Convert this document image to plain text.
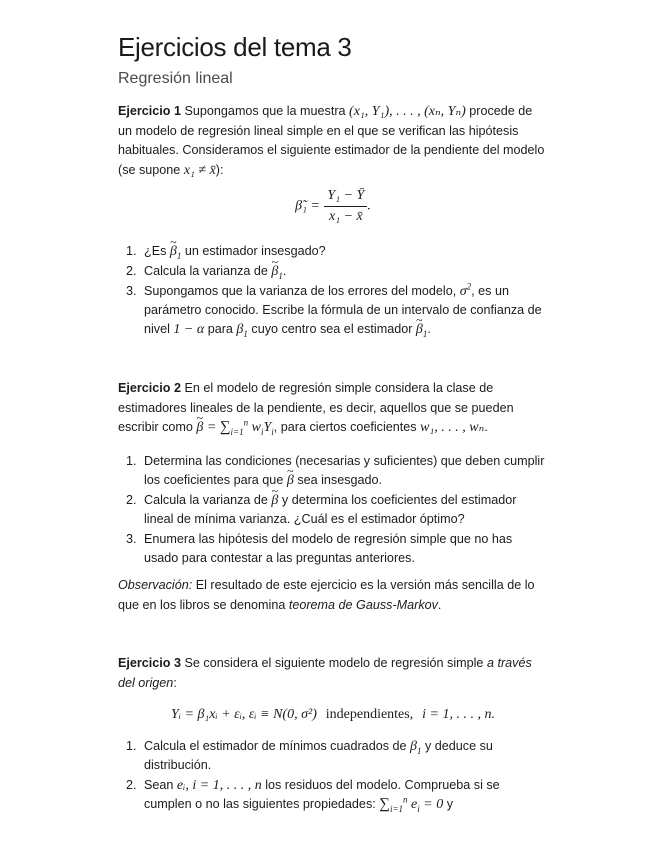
Ejercicios del tema 3
Regresión lineal
Ejercicio 1 Supongamos que la muestra (x₁, Y₁), . . . , (xₙ, Yₙ) procede de un modelo de regresión lineal simple en el que se verifican las hipótesis habituales. Consideramos el siguiente estimador de la pendiente del modelo (se supone x₁ ≠ x̄):
β̃₁ = $\frac{\text{Y₁ − Ȳ}}{\text{x₁ − x̄}}$ .
1. ¿Es ~ $\beta_1$ un estimador insesgado?
2. Calcula la varianza de ~ $\beta_1$.
3. Supongamos que la varianza de los errores del modelo, $\sigma^2$, es un parámetro conocido. Escribe la fórmula de un intervalo de confianza de nivel 1 − α para $\beta_1$ cuyo centro sea el estimador ~ $\beta_1$.
Ejercicio 2 En el modelo de regresión simple considera la clase de estimadores lineales de la pendiente, es decir, aquellos que se pueden escribir como ~ $\beta = \sum_{i=1}^n$ $w_iY_i$, para ciertos coeficientes w₁, . . . , wₙ.
1. Determina las condiciones (necesarias y suficientes) que deben cumplir los coeficientes para que ~ β sea insesgado.
2. Calcula la varianza de ~ β y determina los coeficientes del estimador lineal de mínima varianza. ¿Cuál es el estimador óptimo?
3. Enumera las hipótesis del modelo de regresión simple que no has usado para contestar a las preguntas anteriores.
Observación: El resultado de este ejercicio es la versión más sencilla de lo que en los libros se denomina teorema de Gauss-Markov.
Ejercicio 3 Se considera el siguiente modelo de regresión simple a través del origen:
Yᵢ = β₁xᵢ + εᵢ, εᵢ ≡ N(0, σ²) independientes, i = 1, . . . , n.
1. Calcula el estimador de mínimos cuadrados de $\beta_1$ y deduce su distribución.
2. Sean eᵢ, i = 1, . . . , n los residuos del modelo. Comprueba si se cumplen o no las siguientes propiedades: $\sum_{i=1}^n$ $e_i = 0$ y
